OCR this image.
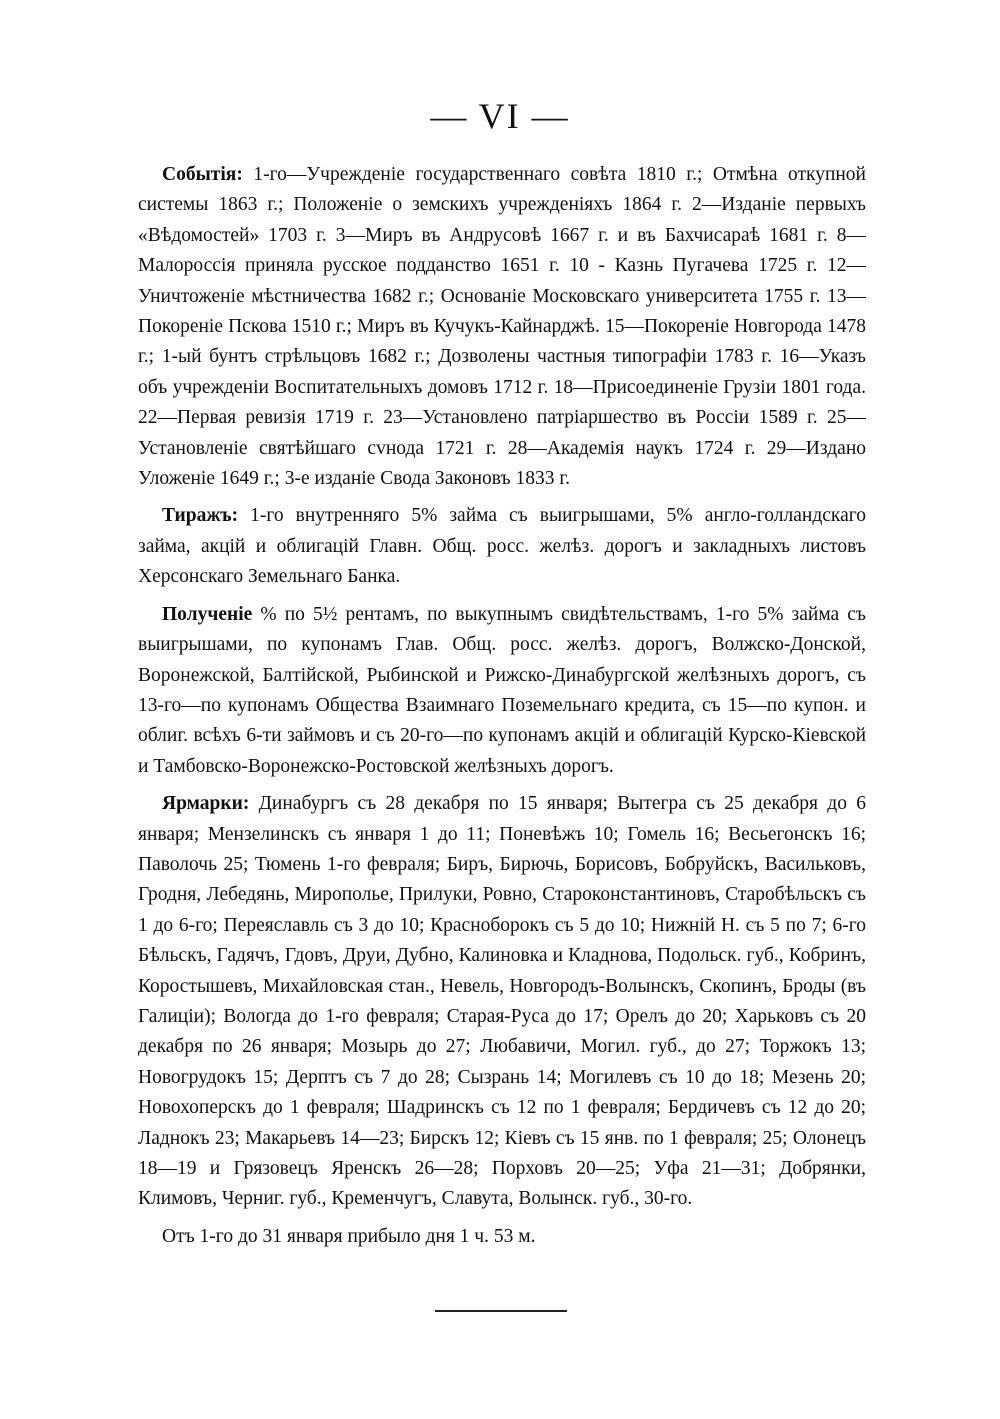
— VI —

Событія: 1-го—Учрежденіе государственнаго совѣта 1810 г.; Отмѣна откупной системы 1863 г.; Положеніе о земскихъ учрежденіяхъ 1864 г. 2—Изданіе первыхъ «Вѣдомостей» 1703 г. 3—Миръ въ Андрусовѣ 1667 г. и въ Бахчисараѣ 1681 г. 8—Малороссія приняла русское подданство 1651 г. 10 - Казнь Пугачева 1725 г. 12—Уничтоженіе мѣстничества 1682 г.; Основаніе Московскаго университета 1755 г. 13—Покореніе Пскова 1510 г.; Миръ въ Кучукъ-Кайнарджѣ. 15—Покореніе Новгорода 1478 г.; 1-ый бунтъ стрѣльцовъ 1682 г.; Дозволены частныя типографіи 1783 г. 16—Указъ объ учрежденіи Воспитательныхъ домовъ 1712 г. 18—Присоединеніе Грузіи 1801 года. 22—Первая ревизія 1719 г. 23—Установлено патріаршество въ Россіи 1589 г. 25—Установленіе святѣйшаго сvнода 1721 г. 28—Академія наукъ 1724 г. 29—Издано Уложеніе 1649 г.; 3-е изданіе Свода Законовъ 1833 г.

Тиражъ: 1-го внутренняго 5% займа съ выигрышами, 5% англо-голландскаго займа, акцій и облигацій Главн. Общ. росс. желѣз. дорогъ и закладныхъ листовъ Херсонскаго Земельнаго Банка.

Полученіе % по 5½ рентамъ, по выкупнымъ свидѣтельствамъ, 1-го 5% займа съ выигрышами, по купонамъ Глав. Общ. росс. желѣз. дорогъ, Волжско-Донской, Воронежской, Балтійской, Рыбинской и Рижско-Динабургской желѣзныхъ дорогъ, съ 13-го—по купонамъ Общества Взаимнаго Поземельнаго кредита, съ 15—по купон. и облиг. всѣхъ 6-ти займовъ и съ 20-го—по купонамъ акцій и облигацій Курско-Кіевской и Тамбовско-Воронежско-Ростовской желѣзныхъ дорогъ.

Ярмарки: Динабургъ съ 28 декабря по 15 января; Вытегра съ 25 декабря до 6 января; Мензелинскъ съ января 1 до 11; Поневѣжъ 10; Гомель 16; Весьегонскъ 16; Паволочь 25; Тюмень 1-го февраля; Биръ, Бирючь, Борисовъ, Бобруйскъ, Васильковъ, Гродня, Лебедянь, Мирополье, Прилуки, Ровно, Староконстантиновъ, Старобѣльскъ съ 1 до 6-го; Переяславль съ 3 до 10; Красноборокъ съ 5 до 10; Нижній Н. съ 5 по 7; 6-го Бѣльскъ, Гадячъ, Гдовъ, Друи, Дубно, Калиновка и Кладнова, Подольск. губ., Кобринъ, Коростышевъ, Михайловская стан., Невель, Новгородъ-Волынскъ, Скопинъ, Броды (въ Галиціи); Вологда до 1-го февраля; Старая-Руса до 17; Орелъ до 20; Харьковъ съ 20 декабря по 26 января; Мозырь до 27; Любавичи, Могил. губ., до 27; Торжокъ 13; Новогрудокъ 15; Дерптъ съ 7 до 28; Сызрань 14; Могилевъ съ 10 до 18; Мезень 20; Новохоперскъ до 1 февраля; Шадринскъ съ 12 по 1 февраля; Бердичевъ съ 12 до 20; Ладнокъ 23; Макарьевъ 14—23; Бирскъ 12; Кіевъ съ 15 янв. по 1 февраля; 25; Олонецъ 18—19 и Грязовецъ Яренскъ 26—28; Порховъ 20—25; Уфа 21—31; Добрянки, Климовъ, Черниг. губ., Кременчугъ, Славута, Волынск. губ., 30-го.

Отъ 1-го до 31 января прибыло дня 1 ч. 53 м.
